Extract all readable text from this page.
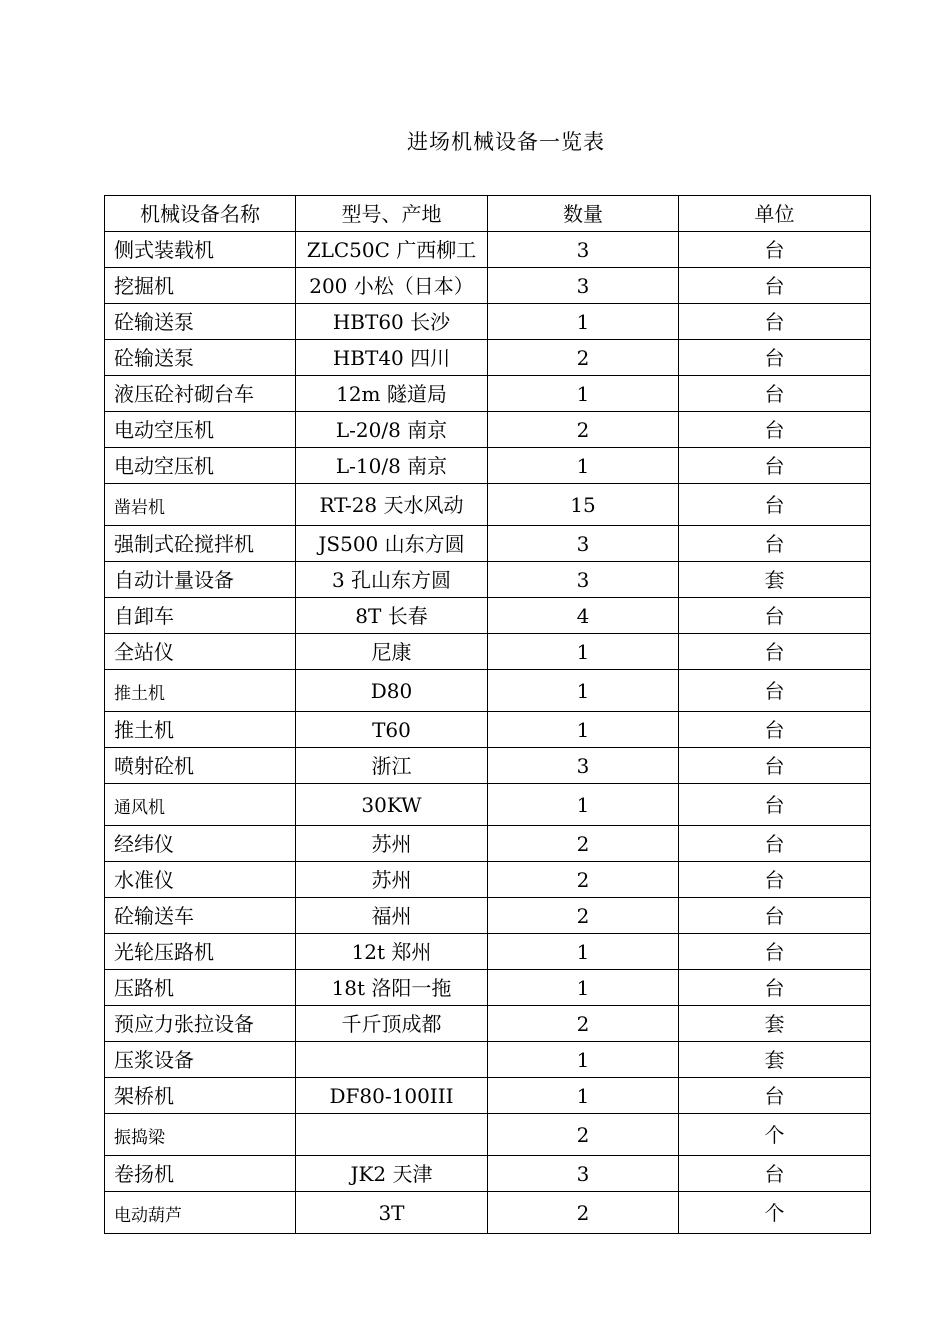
进场机械设备一览表
机械设备名称	型号、产地	数量	单位
侧式装载机	ZLC50C 广西柳工	3	台
挖掘机	200 小松（日本）	3	台
砼输送泵	HBT60 长沙	1	台
砼输送泵	HBT40 四川	2	台
液压砼衬砌台车	12m 隧道局	1	台
电动空压机	L-20/8 南京	2	台
电动空压机	L-10/8 南京	1	台
凿岩机	RT-28 天水风动	15	台
强制式砼搅拌机	JS500 山东方圆	3	台
自动计量设备	3 孔山东方圆	3	套
自卸车	8T 长春	4	台
全站仪	尼康	1	台
推土机	D80	1	台
推土机	T60	1	台
喷射砼机	浙江	3	台
通风机	30KW	1	台
经纬仪	苏州	2	台
水准仪	苏州	2	台
砼输送车	福州	2	台
光轮压路机	12t 郑州	1	台
压路机	18t 洛阳一拖	1	台
预应力张拉设备	千斤顶成都	2	套
压浆设备		1	套
架桥机	DF80-100III	1	台
振捣梁		2	个
卷扬机	JK2 天津	3	台
电动葫芦	3T	2	个
